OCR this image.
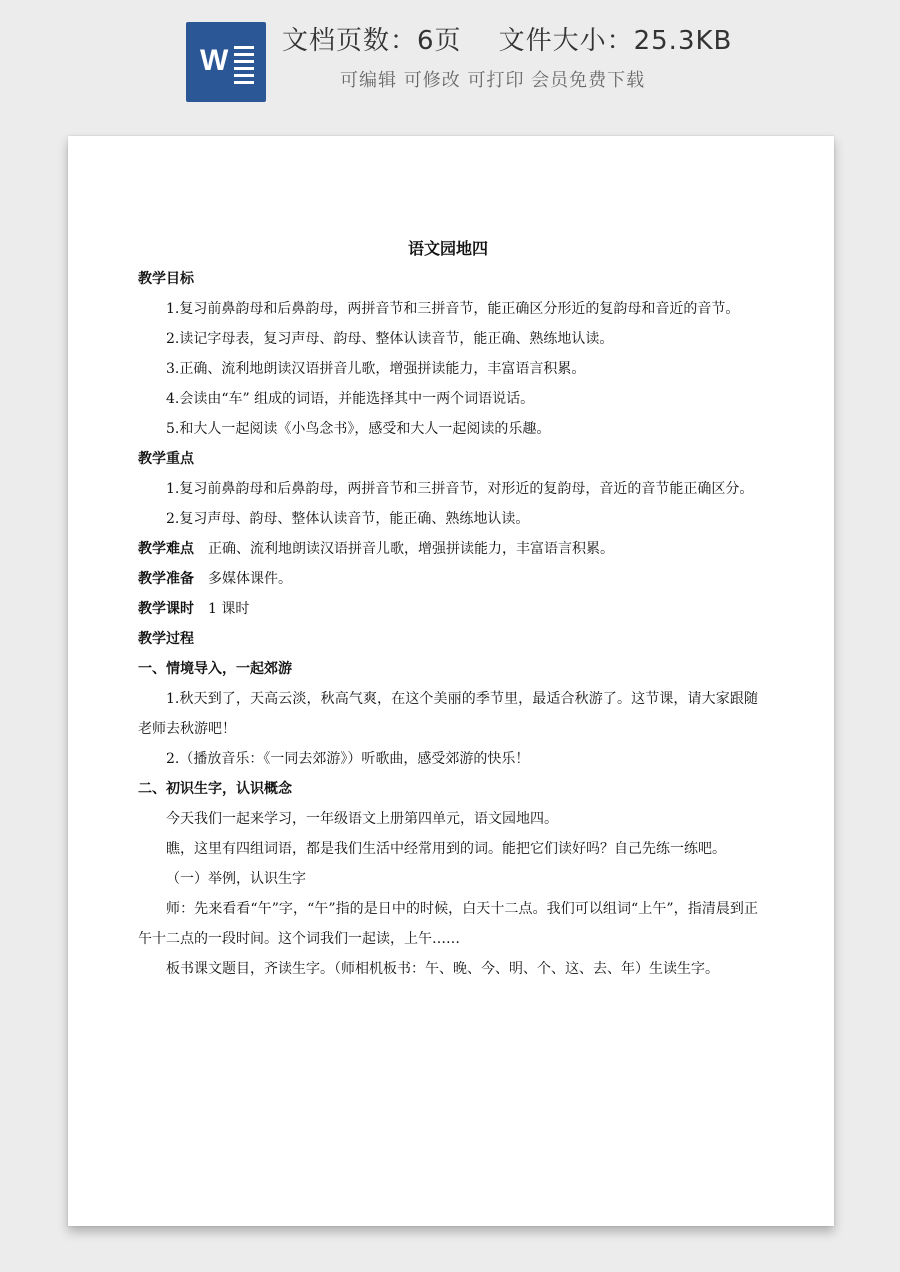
W
文档页数：6页    文件大小：25.3KB
可编辑 可修改 可打印 会员免费下载
语文园地四

教学目标

1.复习前鼻韵母和后鼻韵母，两拼音节和三拼音节，能正确区分形近的复韵母和音近的音节。

2.读记字母表，复习声母、韵母、整体认读音节，能正确、熟练地认读。

3.正确、流利地朗读汉语拼音儿歌，增强拼读能力，丰富语言积累。

4.会读由“车” 组成的词语，并能选择其中一两个词语说话。

5.和大人一起阅读《小鸟念书》，感受和大人一起阅读的乐趣。

教学重点

1.复习前鼻韵母和后鼻韵母，两拼音节和三拼音节，对形近的复韵母，音近的音节能正确区分。

2.复习声母、韵母、整体认读音节，能正确、熟练地认读。

教学难点 正确、流利地朗读汉语拼音儿歌，增强拼读能力，丰富语言积累。

教学准备 多媒体课件。

教学课时 1 课时

教学过程

一、情境导入，一起郊游

1.秋天到了，天高云淡，秋高气爽，在这个美丽的季节里，最适合秋游了。这节课，请大家跟随老师去秋游吧！

2.（播放音乐：《一同去郊游》）听歌曲，感受郊游的快乐！

二、初识生字，认识概念

今天我们一起来学习，一年级语文上册第四单元，语文园地四。

瞧，这里有四组词语，都是我们生活中经常用到的词。能把它们读好吗？自己先练一练吧。

（一）举例，认识生字

师：先来看看“午”字，“午”指的是日中的时候，白天十二点。我们可以组词“上午”，指清晨到正午十二点的一段时间。这个词我们一起读，上午……

板书课文题目，齐读生字。（师相机板书：午、晚、今、明、个、这、去、年）生读生字。
